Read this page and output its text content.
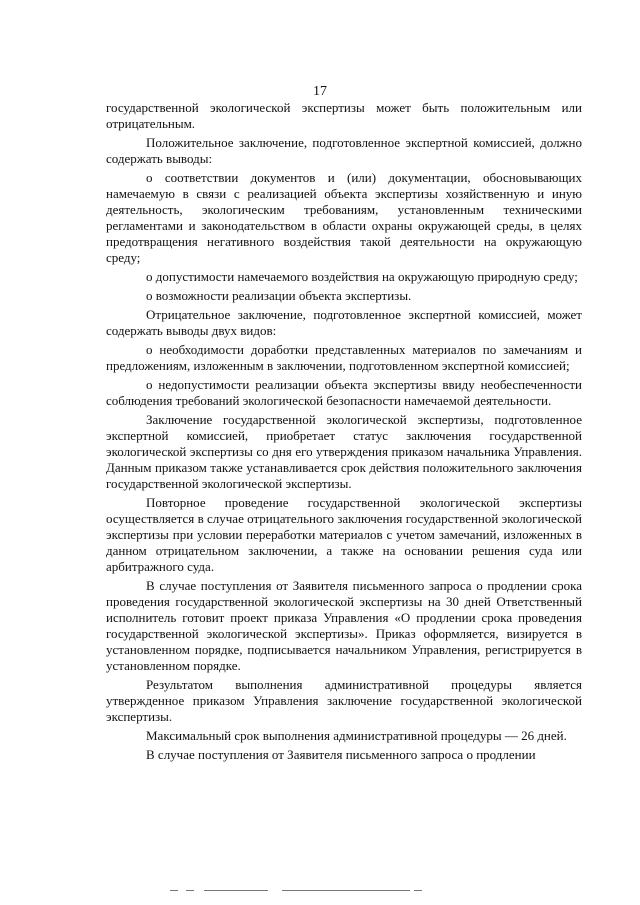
17

государственной экологической экспертизы может быть положительным или отрицательным.

Положительное заключение, подготовленное экспертной комиссией, должно содержать выводы:

о соответствии документов и (или) документации, обосновывающих намечаемую в связи с реализацией объекта экспертизы хозяйственную и иную деятельность, экологическим требованиям, установленным техническими регламентами и законодательством в области охраны окружающей среды, в целях предотвращения негативного воздействия такой деятельности на окружающую среду;

о допустимости намечаемого воздействия на окружающую природную среду;

о возможности реализации объекта экспертизы.

Отрицательное заключение, подготовленное экспертной комиссией, может содержать выводы двух видов:

о необходимости доработки представленных материалов по замечаниям и предложениям, изложенным в заключении, подготовленном экспертной комиссией;

о недопустимости реализации объекта экспертизы ввиду необеспеченности соблюдения требований экологической безопасности намечаемой деятельности.

Заключение государственной экологической экспертизы, подготовленное экспертной комиссией, приобретает статус заключения государственной экологической экспертизы со дня его утверждения приказом начальника Управления. Данным приказом также устанавливается срок действия положительного заключения государственной экологической экспертизы.

Повторное проведение государственной экологической экспертизы осуществляется в случае отрицательного заключения государственной экологической экспертизы при условии переработки материалов с учетом замечаний, изложенных в данном отрицательном заключении, а также на основании решения суда или арбитражного суда.

В случае поступления от Заявителя письменного запроса о продлении срока проведения государственной экологической экспертизы на 30 дней Ответственный исполнитель готовит проект приказа Управления «О продлении срока проведения государственной экологической экспертизы». Приказ оформляется, визируется в установленном порядке, подписывается начальником Управления, регистрируется в установленном порядке.

Результатом выполнения административной процедуры является утвержденное приказом Управления заключение государственной экологической экспертизы.

Максимальный срок выполнения административной процедуры — 26 дней.

В случае поступления от Заявителя письменного запроса о продлении
